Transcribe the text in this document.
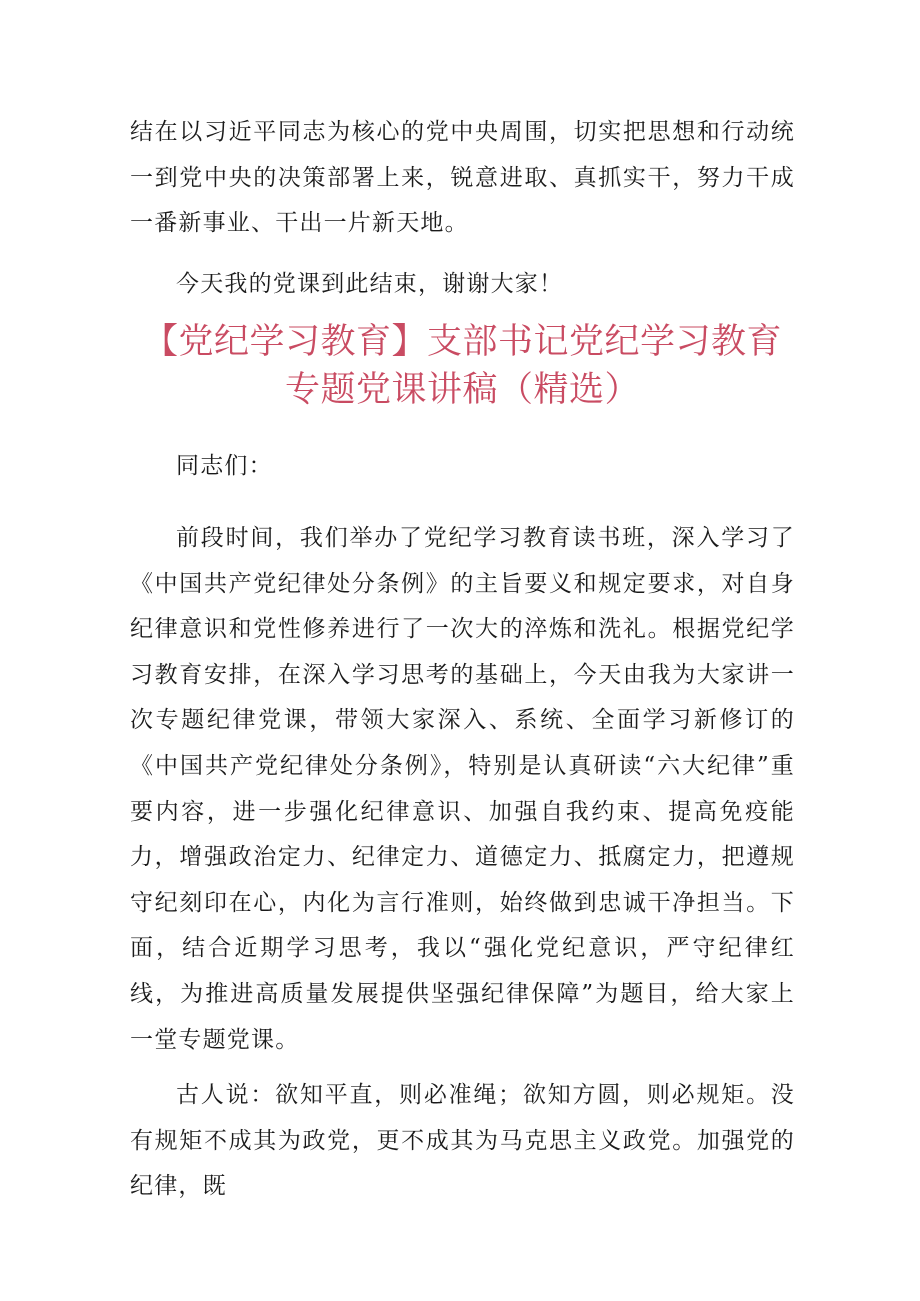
结在以习近平同志为核心的党中央周围，切实把思想和行动统一到党中央的决策部署上来，锐意进取、真抓实干，努力干成一番新事业、干出一片新天地。

今天我的党课到此结束，谢谢大家！

【党纪学习教育】支部书记党纪学习教育专题党课讲稿（精选）

同志们：

前段时间，我们举办了党纪学习教育读书班，深入学习了《中国共产党纪律处分条例》的主旨要义和规定要求，对自身纪律意识和党性修养进行了一次大的淬炼和洗礼。根据党纪学习教育安排，在深入学习思考的基础上，今天由我为大家讲一次专题纪律党课，带领大家深入、系统、全面学习新修订的《中国共产党纪律处分条例》，特别是认真研读“六大纪律”重要内容，进一步强化纪律意识、加强自我约束、提高免疫能力，增强政治定力、纪律定力、道德定力、抵腐定力，把遵规守纪刻印在心，内化为言行准则，始终做到忠诚干净担当。下面，结合近期学习思考，我以“强化党纪意识，严守纪律红线，为推进高质量发展提供坚强纪律保障”为题目，给大家上一堂专题党课。

古人说：欲知平直，则必准绳；欲知方圆，则必规矩。没有规矩不成其为政党，更不成其为马克思主义政党。加强党的纪律，既
